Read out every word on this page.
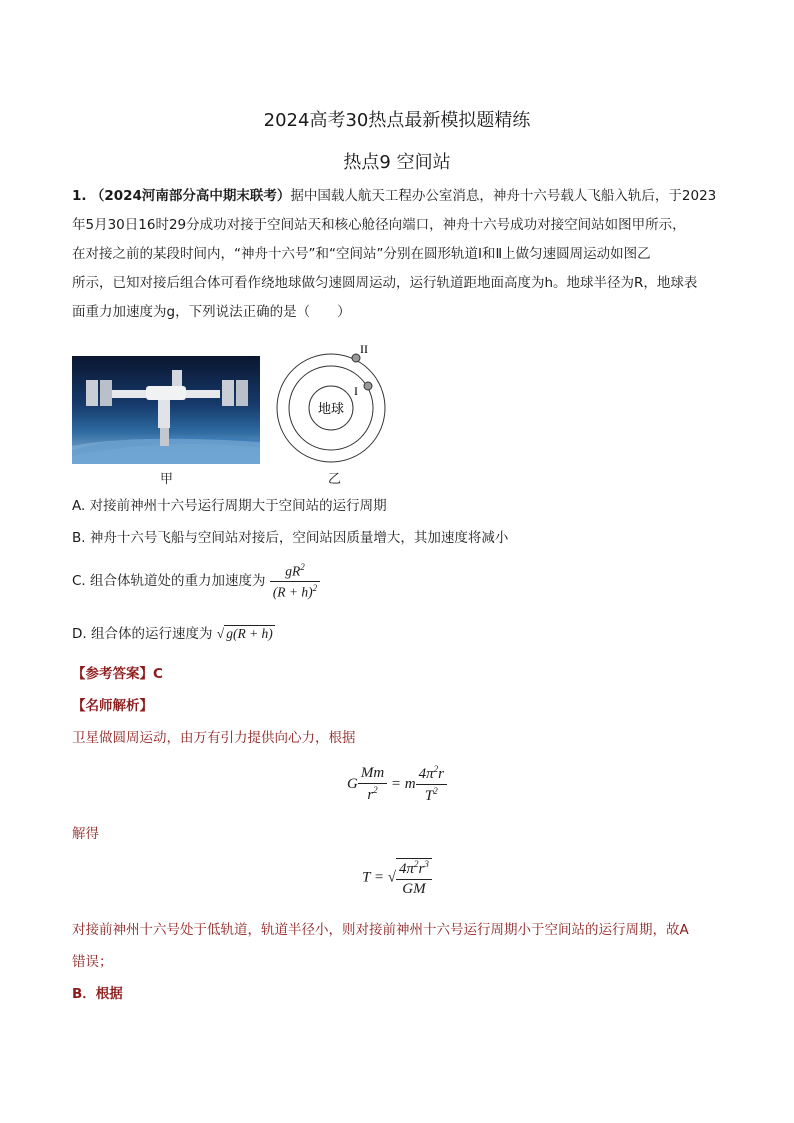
2024高考30热点最新模拟题精练
热点9 空间站
1. （2024河南部分高中期末联考）据中国载人航天工程办公室消息，神舟十六号载人飞船入轨后，于2023
年5月30日16时29分成功对接于空间站天和核心舱径向端口，神舟十六号成功对接空间站如图甲所示，
在对接之前的某段时间内，“神舟十六号”和“空间站”分别在圆形轨道Ⅰ和Ⅱ上做匀速圆周运动如图乙
所示，已知对接后组合体可看作绕地球做匀速圆周运动，运行轨道距地面高度为h。地球半径为R，地球表
面重力加速度为g，下列说法正确的是（　　）
甲
地球
II
I
乙
A. 对接前神州十六号运行周期大于空间站的运行周期
B. 神舟十六号飞船与空间站对接后，空间站因质量增大，其加速度将减小
C. 组合体轨道处的重力加速度为 $\frac{gR^2}{(R + h)^2}$
D. 组合体的运行速度为 √ g(R + h)
【参考答案】C
【名师解析】
卫星做圆周运动，由万有引力提供向心力，根据
G $\frac{Mm}{r^2} = m \frac{4\pi^2r}{T^2}$
解得
T = √ $\frac{4\pi^2r^3}{GM}$
对接前神州十六号处于低轨道，轨道半径小，则对接前神州十六号运行周期小于空间站的运行周期，故A
错误；
B．根据
